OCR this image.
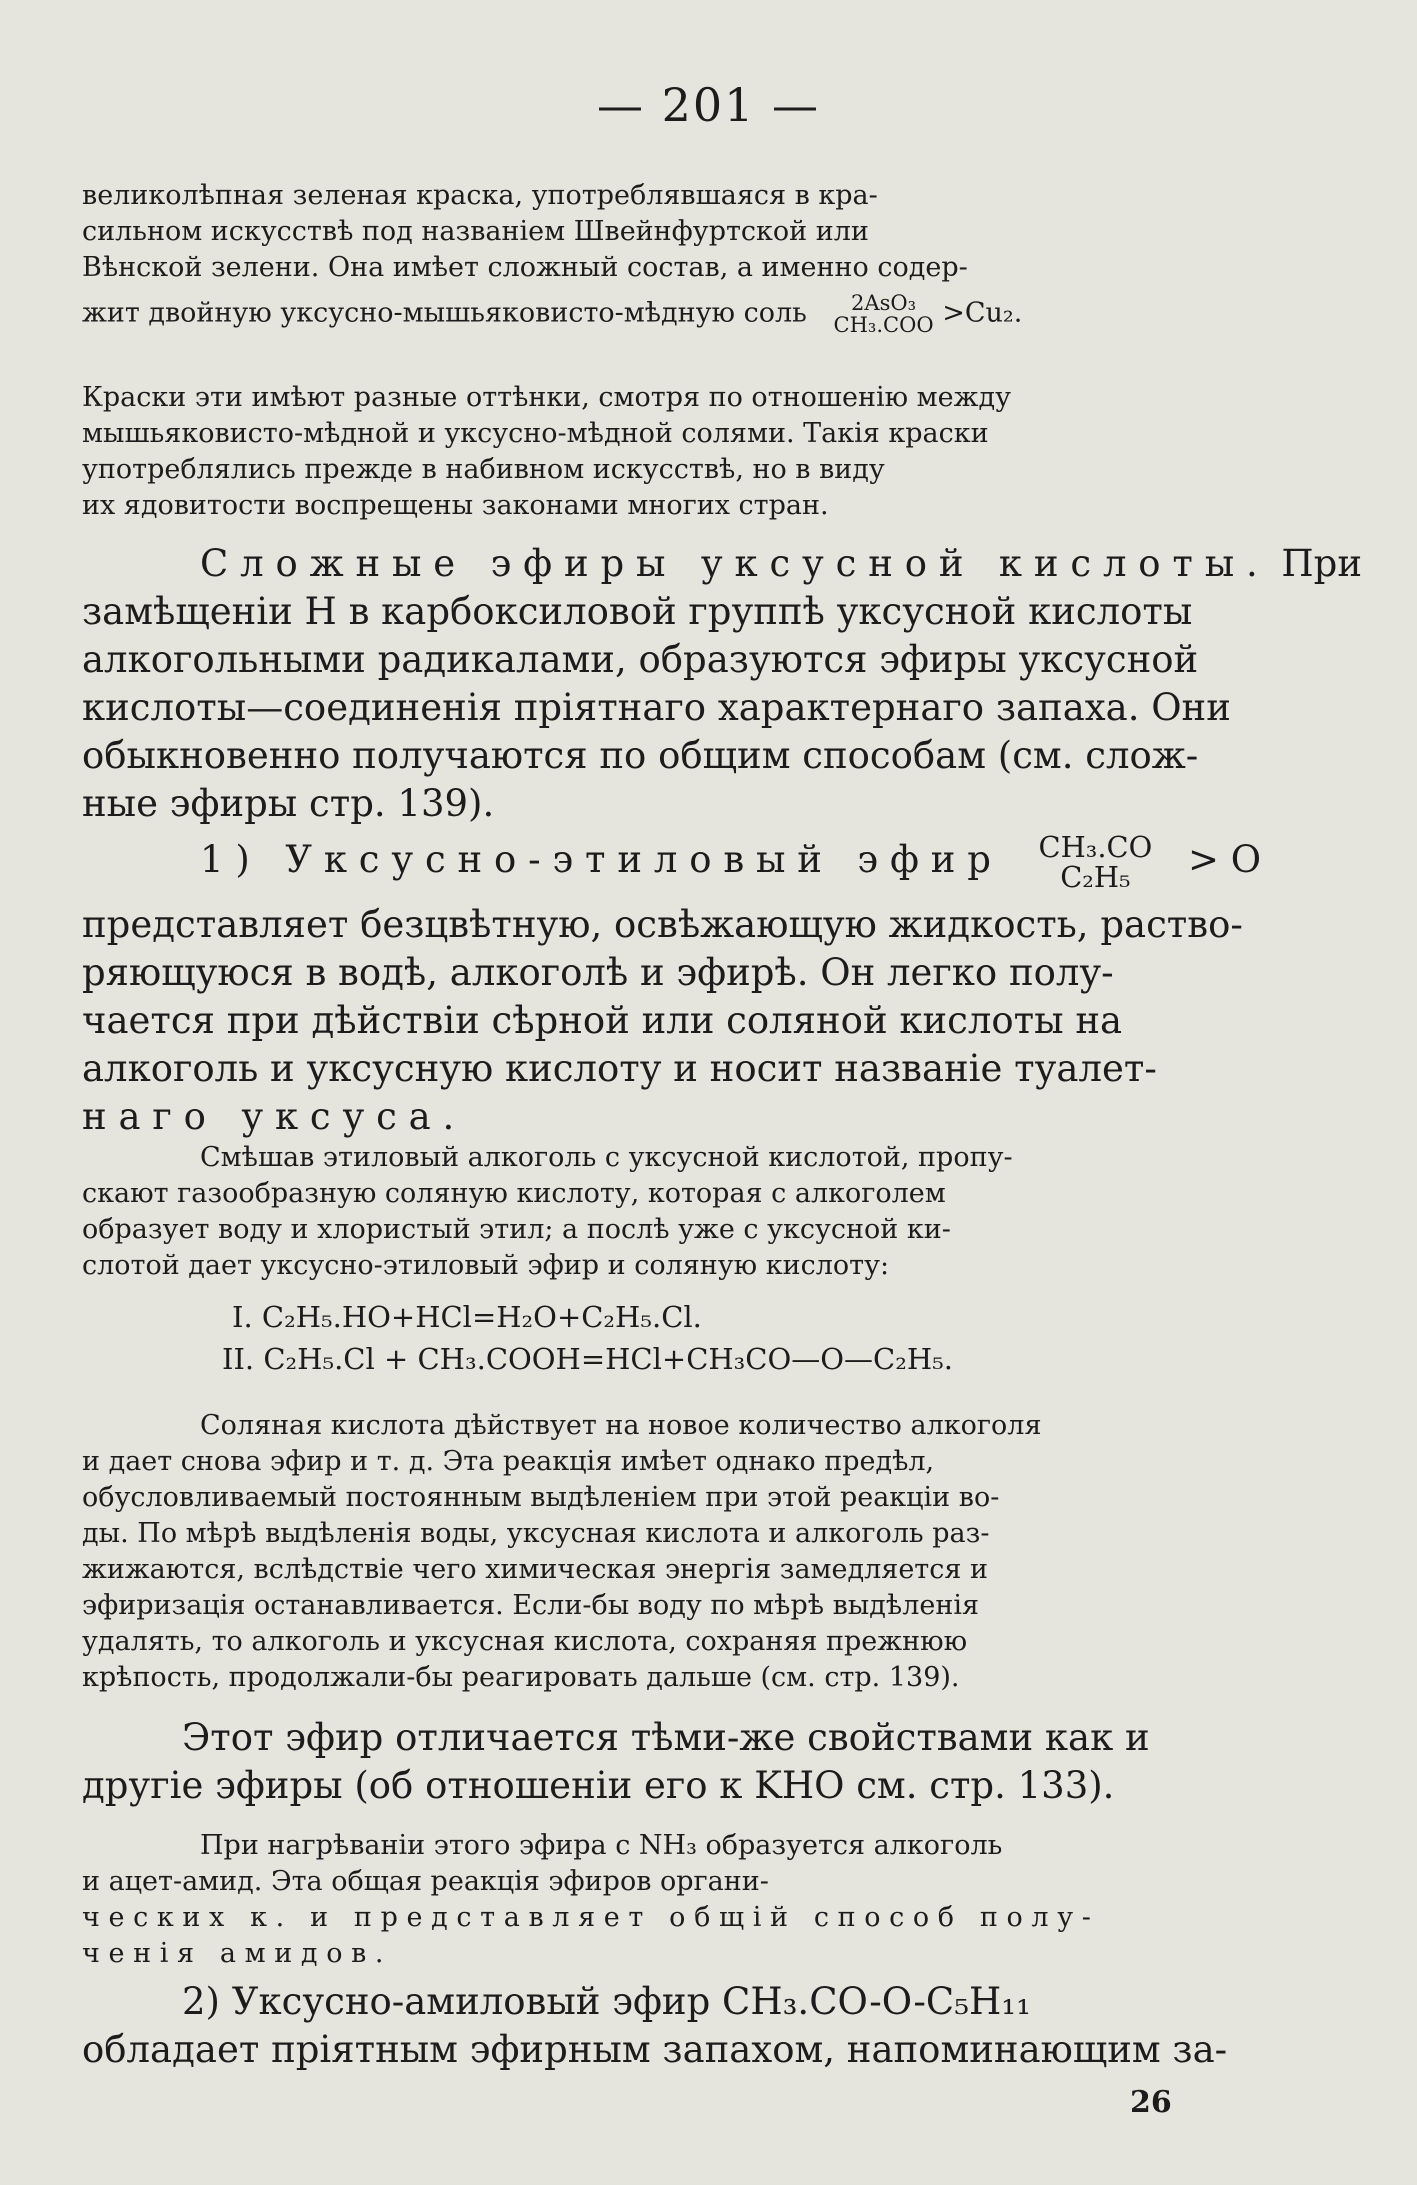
— 201 —
великолѣпная зеленая краска, употреблявшаяся в кра-
сильном искусствѣ под названіем Швейнфуртской или
Вѣнской зелени. Она имѣет сложный состав, а именно содер-
жит двойную уксусно-мышьяковисто-мѣдную соль	2AsO₃
CH₃.COO >Cu₂.
Краски эти имѣют разные оттѣнки, смотря по отношенію между
мышьяковисто-мѣдной и уксусно-мѣдной солями. Такія краски
употреблялись прежде в набивном искусствѣ, но в виду
их ядовитости воспрещены законами многих стран.
Сложные эфиры уксусной кислоты. При
замѣщеніи H в карбоксиловой группѣ уксусной кислоты
алкогольными радикалами, образуются эфиры уксусной
кислоты—соединенія пріятнаго характернаго запаха. Они
обыкновенно получаются по общим способам (см. слож-
ные эфиры стр. 139).
1) Уксусно-этиловый эфир CH₃.CO
C₂H₅	> O
представляет безцвѣтную, освѣжающую жидкость, раство-
ряющуюся в водѣ, алкоголѣ и эфирѣ. Он легко полу-
чается при дѣйствіи сѣрной или соляной кислоты на
алкоголь и уксусную кислоту и носит названіе туалет-
наго уксуса.
Смѣшав этиловый алкоголь с уксусной кислотой, пропу-
скают газообразную соляную кислоту, которая с алкоголем
образует воду и хлористый этил; а послѣ уже с уксусной ки-
слотой дает уксусно-этиловый эфир и соляную кислоту:
I. C₂H₅.HO+HCl=H₂O+C₂H₅.Cl.
II. C₂H₅.Cl + CH₃.COOH=HCl+CH₃CO—O—C₂H₅.
Соляная кислота дѣйствует на новое количество алкоголя
и дает снова эфир и т. д. Эта реакція имѣет однако предѣл,
обусловливаемый постоянным выдѣленіем при этой реакціи во-
ды. По мѣрѣ выдѣленія воды, уксусная кислота и алкоголь раз-
жижаются, вслѣдствіе чего химическая энергія замедляется и
эфиризація останавливается. Если-бы воду по мѣрѣ выдѣленія
удалять, то алкоголь и уксусная кислота, сохраняя прежнюю
крѣпость, продолжали-бы реагировать дальше (см. стр. 139).
Этот эфир отличается тѣми-же свойствами как и
другіе эфиры (об отношеніи его к KHO см. стр. 133).
При нагрѣваніи этого эфира с NH₃ образуется алкоголь
и ацет-амид. Эта общая реакція эфиров органи-
ческих к. и представляет общій способ полу-
ченія амидов.
2) Уксусно-амиловый эфир CH₃.CO-O-C₅H₁₁
обладает пріятным эфирным запахом, напоминающим за-
26
